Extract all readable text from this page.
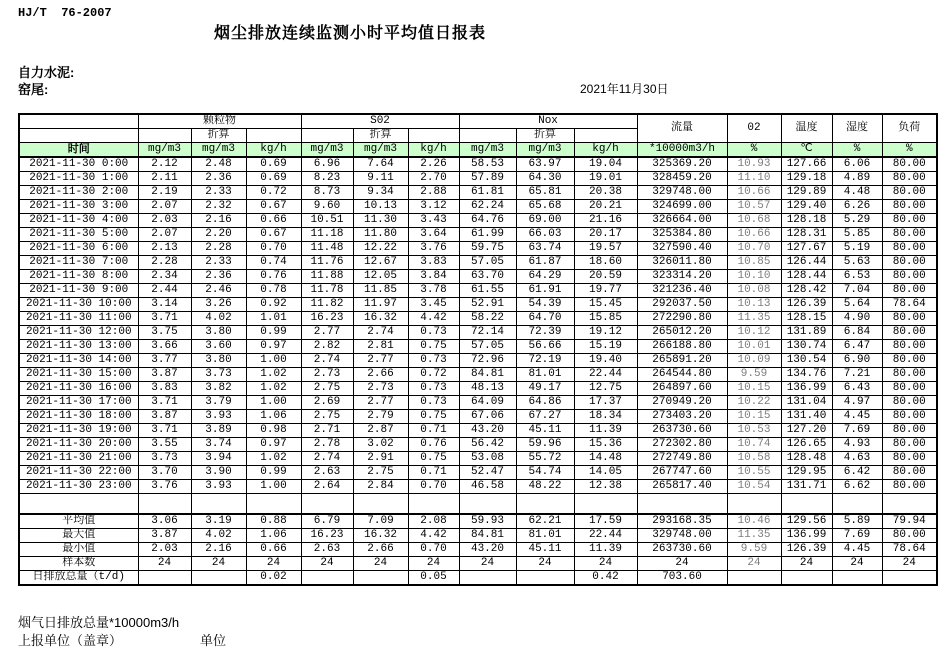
HJ/T  76-2007
烟尘排放连续监测小时平均值日报表
自力水泥:
窑尾:	2021年11月30日
	颗粒物			S02			Nox			流量	02	温度	湿度	负荷
		折算			折算			折算						
时间	mg/m3	mg/m3	kg/h	mg/m3	mg/m3	kg/h	mg/m3	mg/m3	kg/h	*10000m3/h	%	℃	%	%
2021-11-30 0:00	2.12	2.48	0.69	6.96	7.64	2.26	58.53	63.97	19.04	325369.20	10.93	127.66	6.06	80.00
2021-11-30 1:00	2.11	2.36	0.69	8.23	9.11	2.70	57.89	64.30	19.01	328459.20	11.10	129.18	4.89	80.00
2021-11-30 2:00	2.19	2.33	0.72	8.73	9.34	2.88	61.81	65.81	20.38	329748.00	10.66	129.89	4.48	80.00
2021-11-30 3:00	2.07	2.32	0.67	9.60	10.13	3.12	62.24	65.68	20.21	324699.00	10.57	129.40	6.26	80.00
2021-11-30 4:00	2.03	2.16	0.66	10.51	11.30	3.43	64.76	69.00	21.16	326664.00	10.68	128.18	5.29	80.00
2021-11-30 5:00	2.07	2.20	0.67	11.18	11.80	3.64	61.99	66.03	20.17	325384.80	10.66	128.31	5.85	80.00
2021-11-30 6:00	2.13	2.28	0.70	11.48	12.22	3.76	59.75	63.74	19.57	327590.40	10.70	127.67	5.19	80.00
2021-11-30 7:00	2.28	2.33	0.74	11.76	12.67	3.83	57.05	61.87	18.60	326011.80	10.85	126.44	5.63	80.00
2021-11-30 8:00	2.34	2.36	0.76	11.88	12.05	3.84	63.70	64.29	20.59	323314.20	10.10	128.44	6.53	80.00
2021-11-30 9:00	2.44	2.46	0.78	11.78	11.85	3.78	61.55	61.91	19.77	321236.40	10.08	128.42	7.04	80.00
2021-11-30 10:00	3.14	3.26	0.92	11.82	11.97	3.45	52.91	54.39	15.45	292037.50	10.13	126.39	5.64	78.64
2021-11-30 11:00	3.71	4.02	1.01	16.23	16.32	4.42	58.22	64.70	15.85	272290.80	11.35	128.15	4.90	80.00
2021-11-30 12:00	3.75	3.80	0.99	2.77	2.74	0.73	72.14	72.39	19.12	265012.20	10.12	131.89	6.84	80.00
2021-11-30 13:00	3.66	3.60	0.97	2.82	2.81	0.75	57.05	56.66	15.19	266188.80	10.01	130.74	6.47	80.00
2021-11-30 14:00	3.77	3.80	1.00	2.74	2.77	0.73	72.96	72.19	19.40	265891.20	10.09	130.54	6.90	80.00
2021-11-30 15:00	3.87	3.73	1.02	2.73	2.66	0.72	84.81	81.01	22.44	264544.80	9.59	134.76	7.21	80.00
2021-11-30 16:00	3.83	3.82	1.02	2.75	2.73	0.73	48.13	49.17	12.75	264897.60	10.15	136.99	6.43	80.00
2021-11-30 17:00	3.71	3.79	1.00	2.69	2.77	0.73	64.09	64.86	17.37	270949.20	10.22	131.04	4.97	80.00
2021-11-30 18:00	3.87	3.93	1.06	2.75	2.79	0.75	67.06	67.27	18.34	273403.20	10.15	131.40	4.45	80.00
2021-11-30 19:00	3.71	3.89	0.98	2.71	2.87	0.71	43.20	45.11	11.39	263730.60	10.53	127.20	7.69	80.00
2021-11-30 20:00	3.55	3.74	0.97	2.78	3.02	0.76	56.42	59.96	15.36	272302.80	10.74	126.65	4.93	80.00
2021-11-30 21:00	3.73	3.94	1.02	2.74	2.91	0.75	53.08	55.72	14.48	272749.80	10.58	128.48	4.63	80.00
2021-11-30 22:00	3.70	3.90	0.99	2.63	2.75	0.71	52.47	54.74	14.05	267747.60	10.55	129.95	6.42	80.00
2021-11-30 23:00	3.76	3.93	1.00	2.64	2.84	0.70	46.58	48.22	12.38	265817.40	10.54	131.71	6.62	80.00

平均值	3.06	3.19	0.88	6.79	7.09	2.08	59.93	62.21	17.59	293168.35	10.46	129.56	5.89	79.94
最大值	3.87	4.02	1.06	16.23	16.32	4.42	84.81	81.01	22.44	329748.00	11.35	136.99	7.69	80.00
最小值	2.03	2.16	0.66	2.63	2.66	0.70	43.20	45.11	11.39	263730.60	9.59	126.39	4.45	78.64
样本数	24	24	24	24	24	24	24	24	24	24	24	24	24	24
日排放总量（t/d)			0.02			0.05			0.42	703.60				
烟气日排放总量*10000m3/h
上报单位（盖章）	单位
